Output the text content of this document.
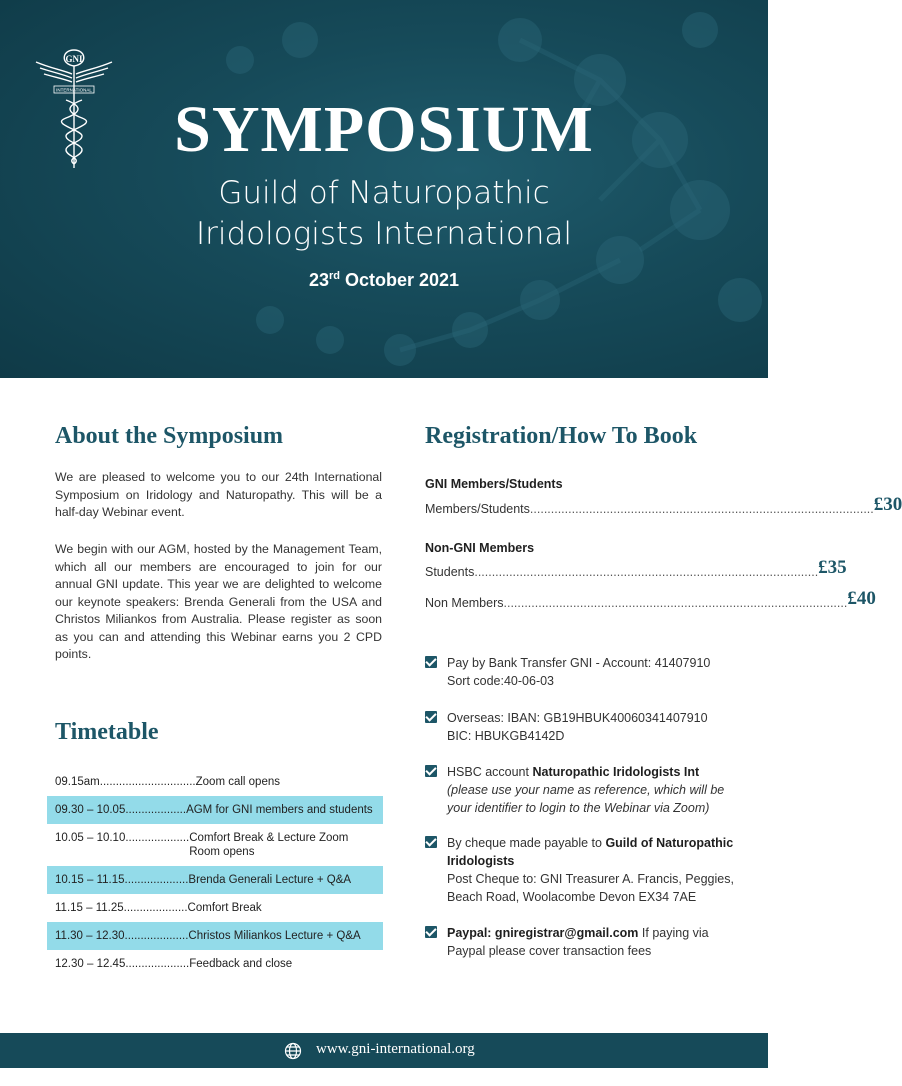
GNI
INTERNATIONAL
SYMPOSIUM
Guild of Naturopathic
Iridologists International
23rd October 2021
About the Symposium

We are pleased to welcome you to our 24th International Symposium on Iridology and Naturopathy. This will be a half-day Webinar event.

We begin with our AGM, hosted by the Management Team, which all our members are encouraged to join for our annual GNI update. This year we are delighted to welcome our keynote speakers: Brenda Generali from the USA and Christos Miliankos from Australia. Please register as soon as you can and attending this Webinar earns you 2 CPD points.

Timetable
09.15am .............................. Zoom call opens
09.30 – 10.05 ................... AGM for GNI members and students
10.05 – 10.10 .................... Comfort Break & Lecture Zoom Room opens
10.15 – 11.15 .................... Brenda Generali Lecture + Q&A
11.15 – 11.25 .................... Comfort Break
11.30 – 12.30 .................... Christos Miliankos Lecture + Q&A
12.30 – 12.45 .................... Feedback and close
Registration/How To Book
GNI Members/Students
Members/Students ................................................................................................... £30
Non-GNI Members
Students ................................................................................................... £35
Non Members ................................................................................................... £40
Pay by Bank Transfer GNI - Account: 41407910
Sort code:40-06-03
Overseas: IBAN: GB19HBUK40060341407910
BIC: HBUKGB4142D
HSBC account Naturopathic Iridologists Int
(please use your name as reference, which will be your identifier to login to the Webinar via Zoom)
By cheque made payable to Guild of Naturopathic Iridologists
Post Cheque to: GNI Treasurer A. Francis, Peggies, Beach Road, Woolacombe Devon EX34 7AE
Paypal: gniregistrar@gmail.com If paying via Paypal please cover transaction fees
www.gni-international.org
